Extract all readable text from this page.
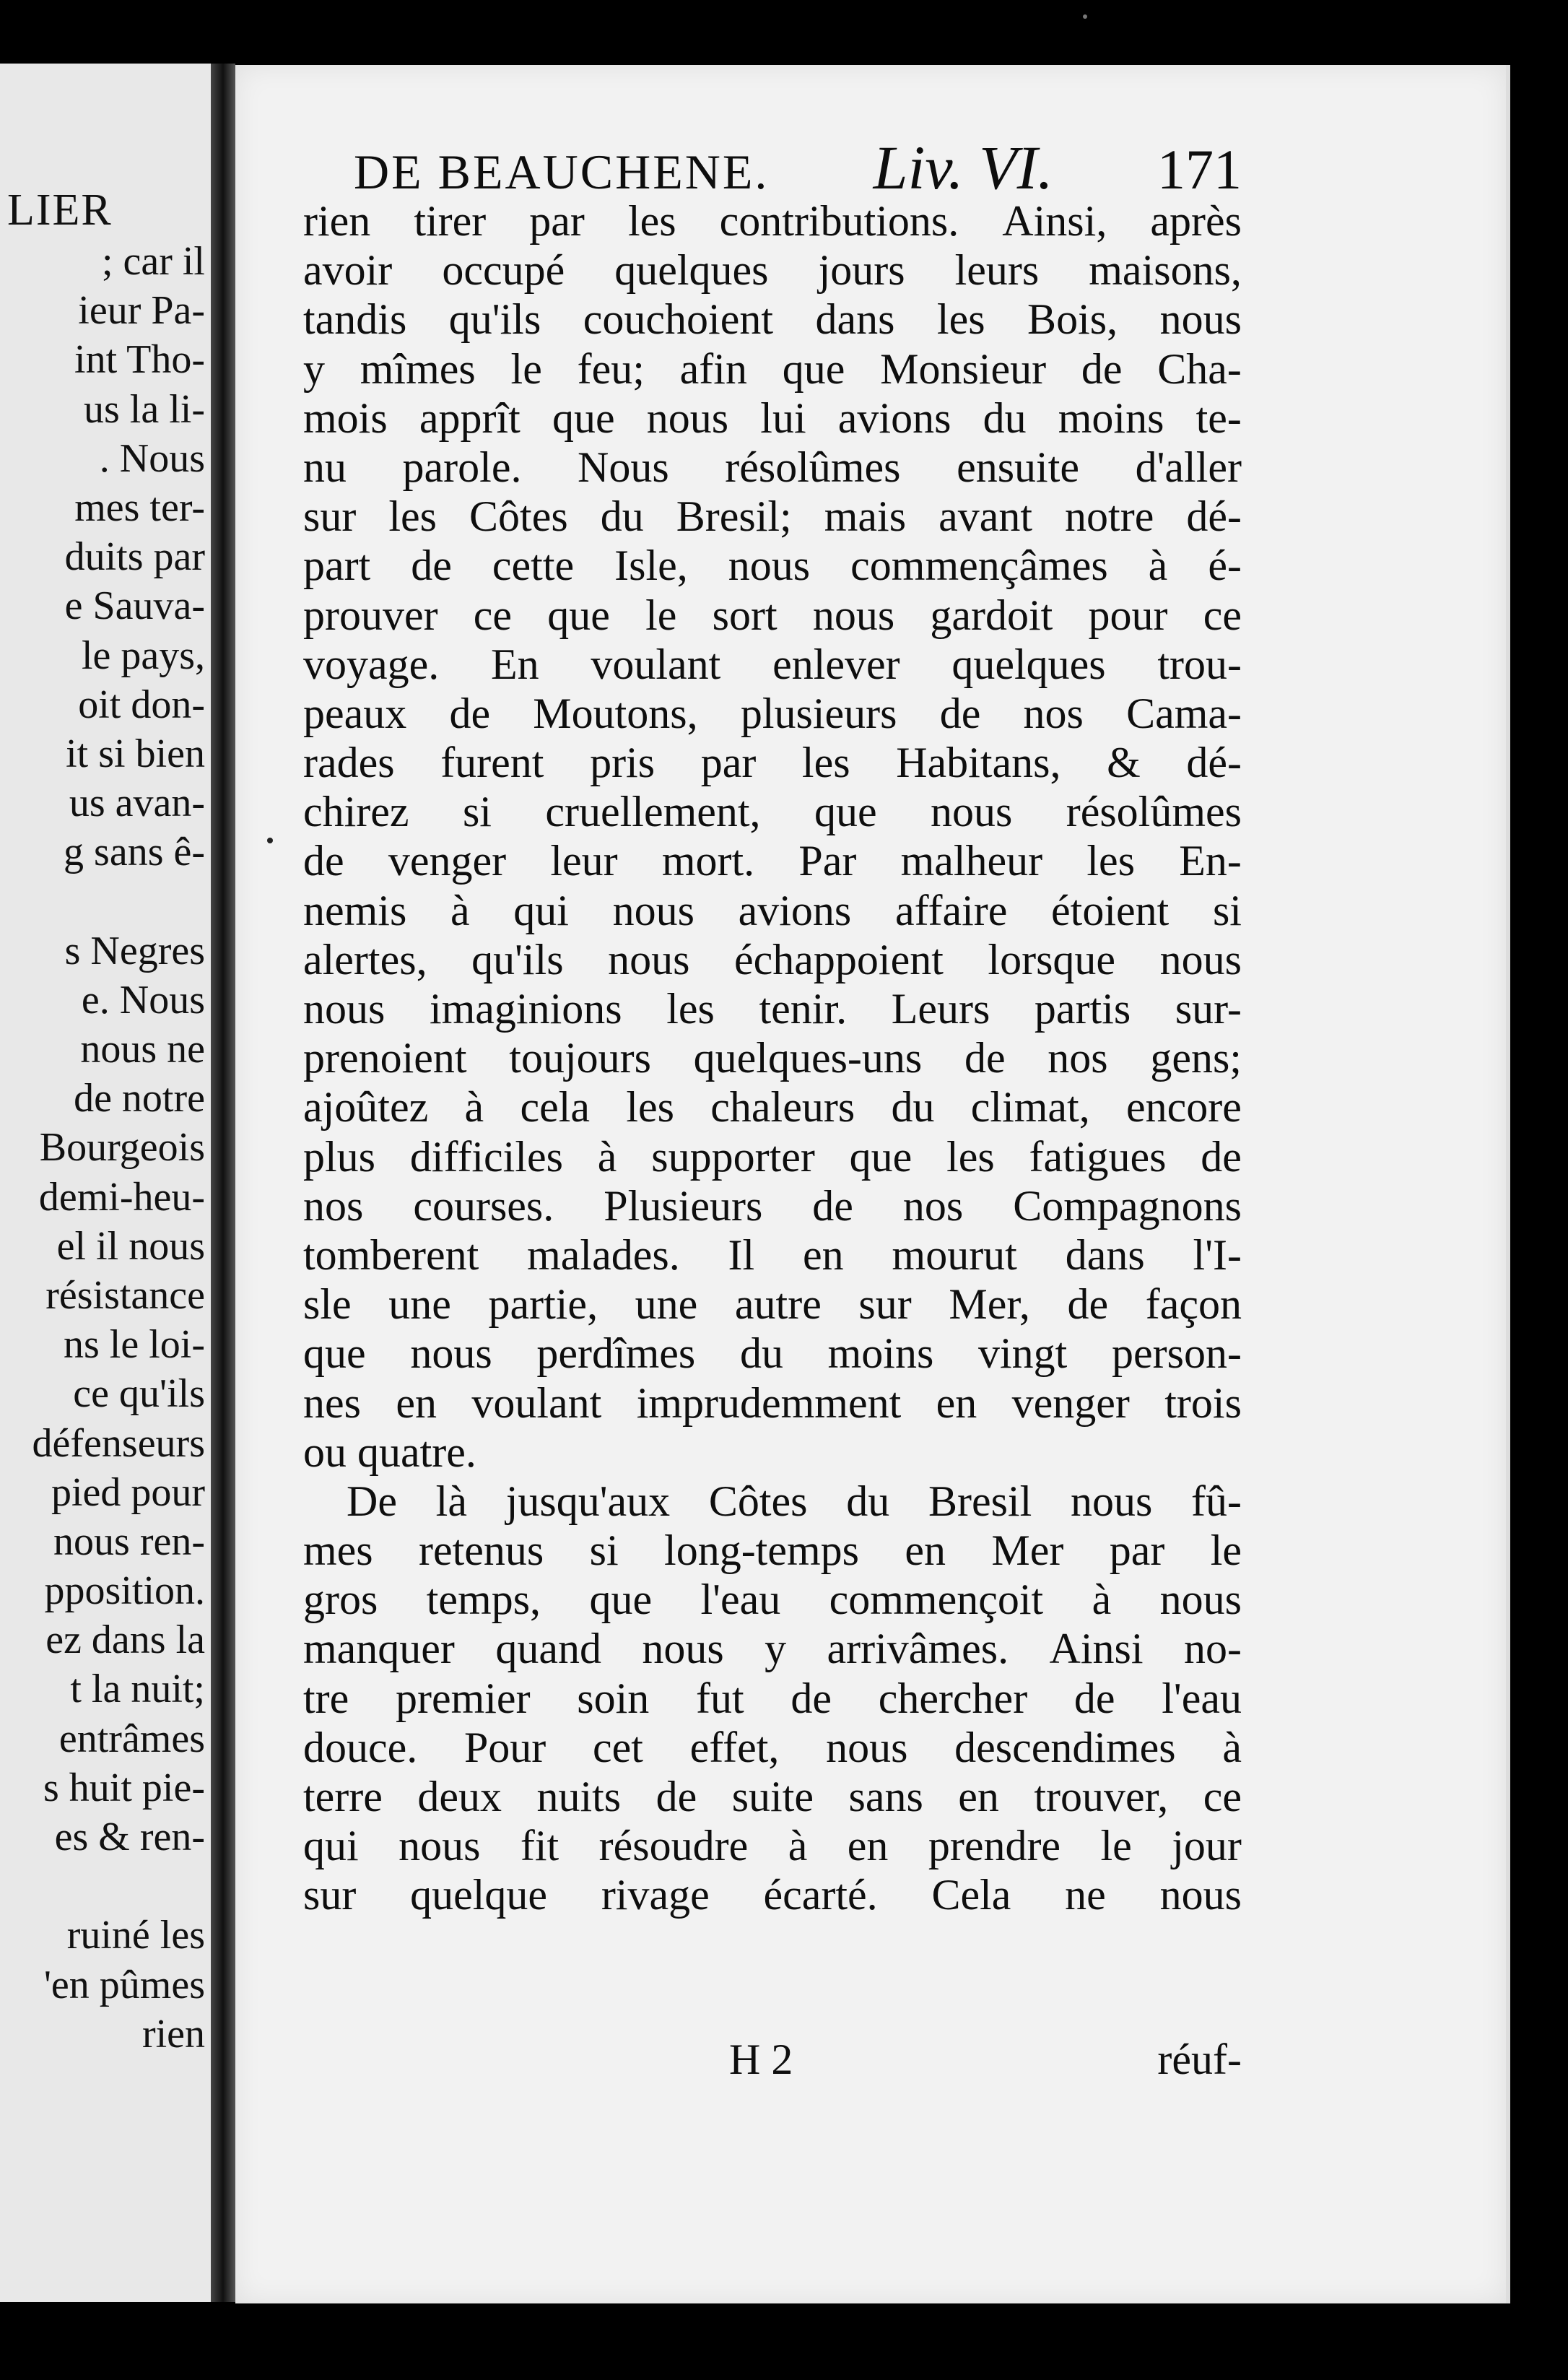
LIER
; car il
ieur Pa-
int Tho-
us la li-
. Nous
mes ter-
duits par
e Sauva-
le pays,
oit don-
it si bien
us avan-
g sans ê-
s Negres
e. Nous
nous ne
de notre
Bourgeois
demi-heu-
el il nous
résistance
ns le loi-
ce qu'ils
défenseurs
pied pour
nous ren-
pposition.
ez dans la
t la nuit;
entrâmes
s huit pie-
es & ren-
ruiné les
'en pûmes
rien
DE BEAUCHENE. Liv. VI. 171
rien tirer par les contributions. Ainsi, après
avoir occupé quelques jours leurs maisons,
tandis qu'ils couchoient dans les Bois, nous
y mîmes le feu; afin que Monsieur de Cha-
mois apprît que nous lui avions du moins te-
nu parole. Nous résolûmes ensuite d'aller
sur les Côtes du Bresil; mais avant notre dé-
part de cette Isle, nous commençâmes à é-
prouver ce que le sort nous gardoit pour ce
voyage. En voulant enlever quelques trou-
peaux de Moutons, plusieurs de nos Cama-
rades furent pris par les Habitans, & dé-
chirez si cruellement, que nous résolûmes
de venger leur mort. Par malheur les En-
nemis à qui nous avions affaire étoient si
alertes, qu'ils nous échappoient lorsque nous
nous imaginions les tenir. Leurs partis sur-
prenoient toujours quelques-uns de nos gens;
ajoûtez à cela les chaleurs du climat, encore
plus difficiles à supporter que les fatigues de
nos courses. Plusieurs de nos Compagnons
tomberent malades. Il en mourut dans l'I-
sle une partie, une autre sur Mer, de façon
que nous perdîmes du moins vingt person-
nes en voulant imprudemment en venger trois
ou quatre.
De là jusqu'aux Côtes du Bresil nous fû-
mes retenus si long-temps en Mer par le
gros temps, que l'eau commençoit à nous
manquer quand nous y arrivâmes. Ainsi no-
tre premier soin fut de chercher de l'eau
douce. Pour cet effet, nous descendimes à
terre deux nuits de suite sans en trouver, ce
qui nous fit résoudre à en prendre le jour
sur quelque rivage écarté. Cela ne nous
H 2	réuf-
